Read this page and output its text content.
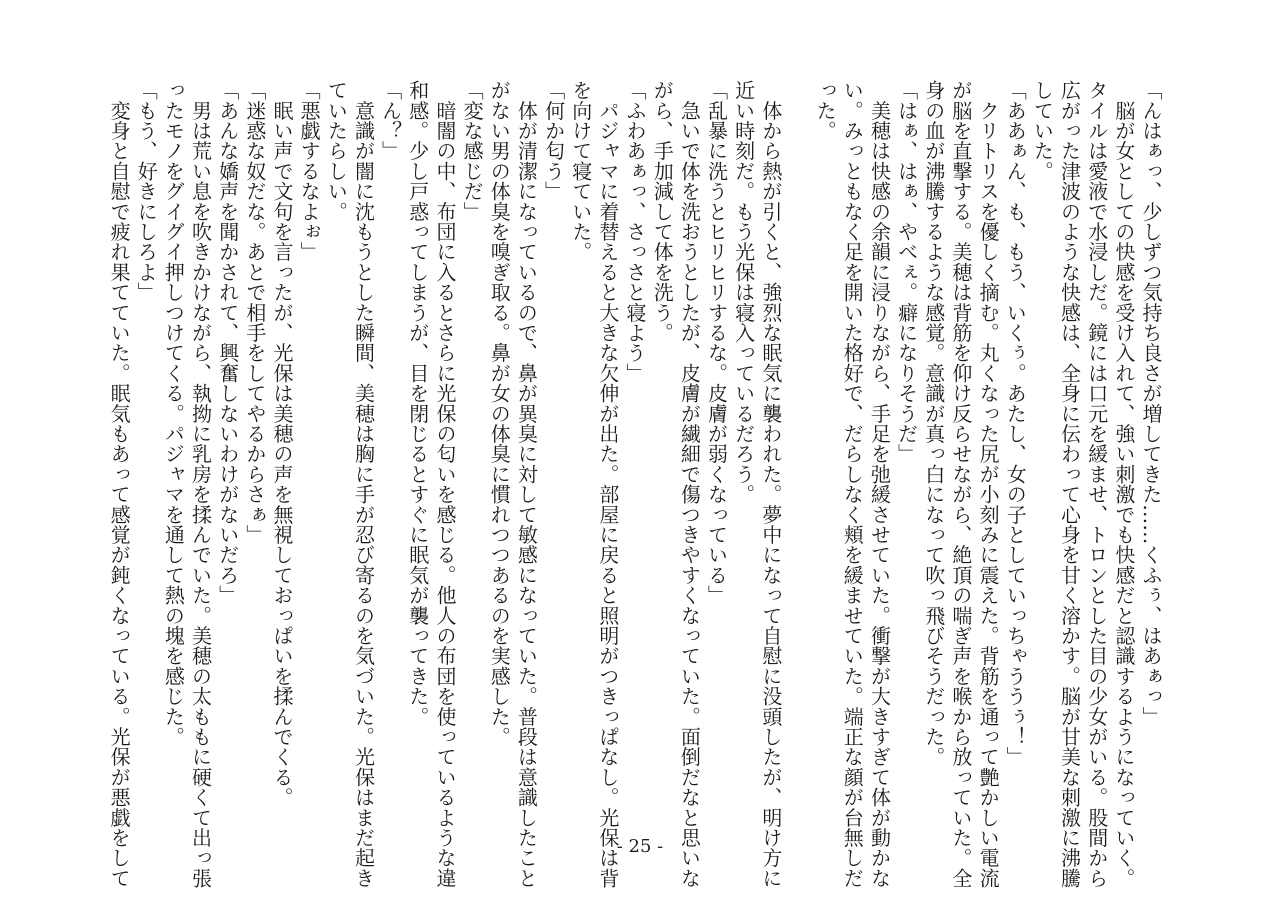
「んはぁっ、少しずつ気持ち良さが増してきた……くふぅ、はあぁっ」
　脳が女としての快感を受け入れて、強い刺激でも快感だと認識するようになっていく。
タイルは愛液で水浸しだ。鏡には口元を緩ませ、トロンとした目の少女がいる。股間から
広がった津波のような快感は、全身に伝わって心身を甘く溶かす。脳が甘美な刺激に沸騰
していた。
「ああぁん、も、もう、いくぅ。あたし、女の子としていっちゃううぅ！」
　クリトリスを優しく摘む。丸くなった尻が小刻みに震えた。背筋を通って艶かしい電流
が脳を直撃する。美穂は背筋を仰け反らせながら、絶頂の喘ぎ声を喉から放っていた。全
身の血が沸騰するような感覚。意識が真っ白になって吹っ飛びそうだった。
「はぁ、はぁ、やべぇ。癖になりそうだ」
　美穂は快感の余韻に浸りながら、手足を弛緩させていた。衝撃が大きすぎて体が動かな
い。みっともなく足を開いた格好で、だらしなく頬を緩ませていた。端正な顔が台無しだ
った。

　体から熱が引くと、強烈な眠気に襲われた。夢中になって自慰に没頭したが、明け方に
近い時刻だ。もう光保は寝入っているだろう。
「乱暴に洗うとヒリヒリするな。皮膚が弱くなっている」
　急いで体を洗おうとしたが、皮膚が繊細で傷つきやすくなっていた。面倒だなと思いな
がら、手加減して体を洗う。
「ふわあぁっ、さっさと寝よう」
　パジャマに着替えると大きな欠伸が出た。部屋に戻ると照明がつきっぱなし。光保は背
を向けて寝ていた。
「何か匂う」
　体が清潔になっているので、鼻が異臭に対して敏感になっていた。普段は意識したこと
がない男の体臭を嗅ぎ取る。鼻が女の体臭に慣れつつあるのを実感した。
「変な感じだ」
　暗闇の中、布団に入るとさらに光保の匂いを感じる。他人の布団を使っているような違
和感。少し戸惑ってしまうが、目を閉じるとすぐに眠気が襲ってきた。
「ん？」
　意識が闇に沈もうとした瞬間、美穂は胸に手が忍び寄るのを気づいた。光保はまだ起き
ていたらしい。
「悪戯するなよぉ」
　眠い声で文句を言ったが、光保は美穂の声を無視しておっぱいを揉んでくる。
「迷惑な奴だな。あとで相手をしてやるからさぁ」
「あんな嬌声を聞かされて、興奮しないわけがないだろ」
　男は荒い息を吹きかけながら、執拗に乳房を揉んでいた。美穂の太ももに硬くて出っ張
ったモノをグイグイ押しつけてくる。パジャマを通して熱の塊を感じた。
「もう、好きにしろよ」
　変身と自慰で疲れ果てていた。眠気もあって感覚が鈍くなっている。光保が悪戯をして	- 25 -
